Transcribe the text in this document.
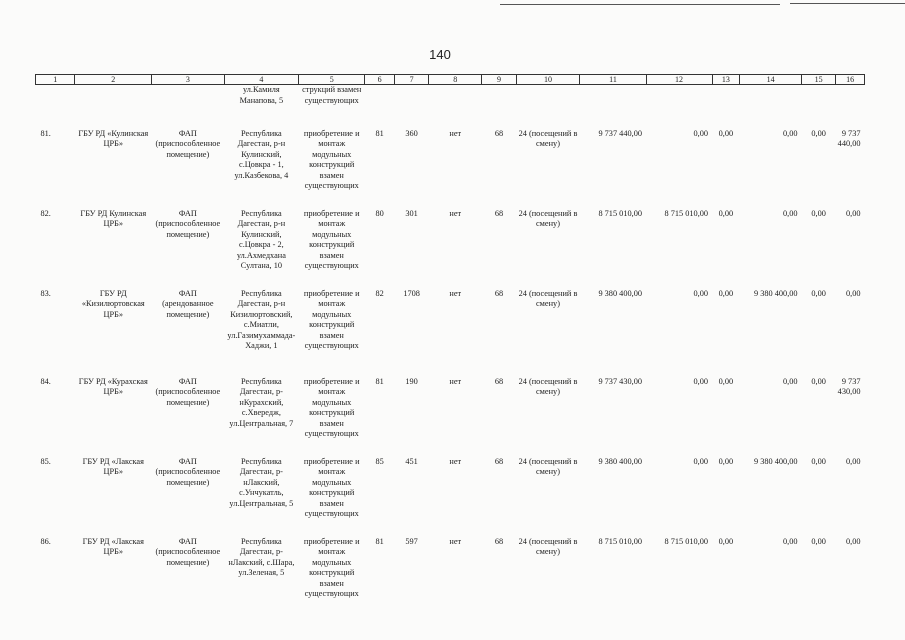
140
1	2	3	4	5	6	7	8	9	10	11	12	13	14	15	16
			ул.Камиля Манапова, 5	струкций взамен существующих											
81.	ГБУ РД «Кулинская ЦРБ»	ФАП (приспособленное помещение)	Республика Дагестан, р-н Кулинский, с.Цовкра - 1, ул.Казбекова, 4	приобретение и монтаж модульных конструкций взамен существующих	81	360	нет	68	24 (посещений в смену)	9 737 440,00	0,00	0,00	0,00	0,00	9 737 440,00
82.	ГБУ РД Кулинская ЦРБ»	ФАП (приспособленное помещение)	Республика Дагестан, р-н Кулинский, с.Цовкра - 2, ул.Ахмедхана Султана, 10	приобретение и монтаж модульных конструкций взамен существующих	80	301	нет	68	24 (посещений в смену)	8 715 010,00	8 715 010,00	0,00	0,00	0,00	0,00
83.	ГБУ РД «Кизилюртовская ЦРБ»	ФАП (арендованное помещение)	Республика Дагестан, р-н Кизилюртовский, с.Миатли, ул.Газимухаммада-Хаджи, 1	приобретение и монтаж модульных конструкций взамен существующих	82	1708	нет	68	24 (посещений в смену)	9 380 400,00	0,00	0,00	9 380 400,00	0,00	0,00
84.	ГБУ РД «Курахская ЦРБ»	ФАП (приспособленное помещение)	Республика Дагестан, р-нКурахский, с.Хвередж, ул.Центральная, 7	приобретение и монтаж модульных конструкций взамен существующих	81	190	нет	68	24 (посещений в смену)	9 737 430,00	0,00	0,00	0,00	0,00	9 737 430,00
85.	ГБУ РД «Лакская ЦРБ»	ФАП (приспособленное помещение)	Республика Дагестан, р-нЛакский, с.Унчукатль, ул.Центральная, 5	приобретение и монтаж модульных конструкций взамен существующих	85	451	нет	68	24 (посещений в смену)	9 380 400,00	0,00	0,00	9 380 400,00	0,00	0,00
86.	ГБУ РД «Лакская ЦРБ»	ФАП (приспособленное помещение)	Республика Дагестан, р-нЛакский, с.Шара, ул.Зеленая, 5	приобретение и монтаж модульных конструкций взамен существующих	81	597	нет	68	24 (посещений в смену)	8 715 010,00	8 715 010,00	0,00	0,00	0,00	0,00
